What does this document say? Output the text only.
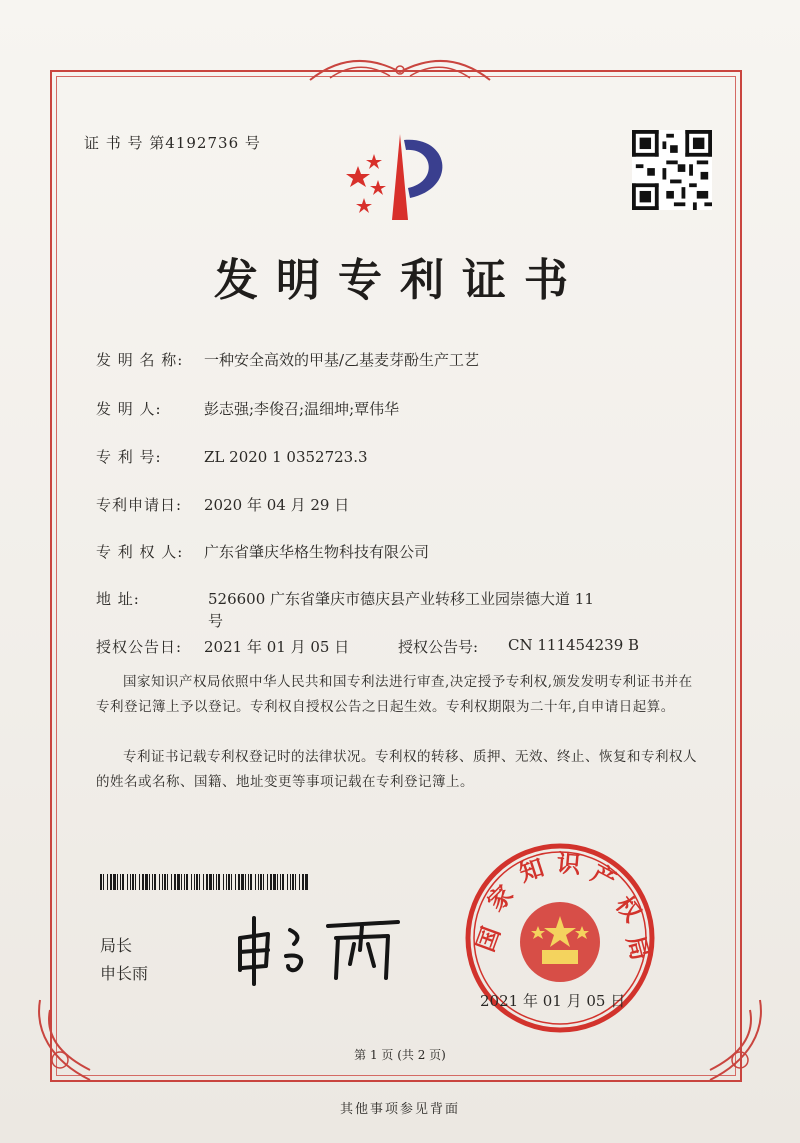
证 书 号 第4192736 号
发明专利证书
发 明 名 称: 一种安全高效的甲基/乙基麦芽酚生产工艺
发 明 人:	彭志强;李俊召;温细坤;覃伟华
专 利 号:	ZL 2020 1 0352723.3
专利申请日: 2020 年 04 月 29 日
专 利 权 人: 广东省肇庆华格生物科技有限公司
地 址:	526600 广东省肇庆市德庆县产业转移工业园崇德大道 11 号
授权公告日: 2021 年 01 月 05 日	授权公告号: CN 111454239 B
国家知识产权局依照中华人民共和国专利法进行审查,决定授予专利权,颁发发明专利证书并在专利登记簿上予以登记。专利权自授权公告之日起生效。专利权期限为二十年,自申请日起算。
专利证书记载专利权登记时的法律状况。专利权的转移、质押、无效、终止、恢复和专利权人的姓名或名称、国籍、地址变更等事项记载在专利登记簿上。
局长
申长雨
国
家
知 识 产
权
局
2021 年 01 月 05 日
第 1 页 (共 2 页)
其他事项参见背面
